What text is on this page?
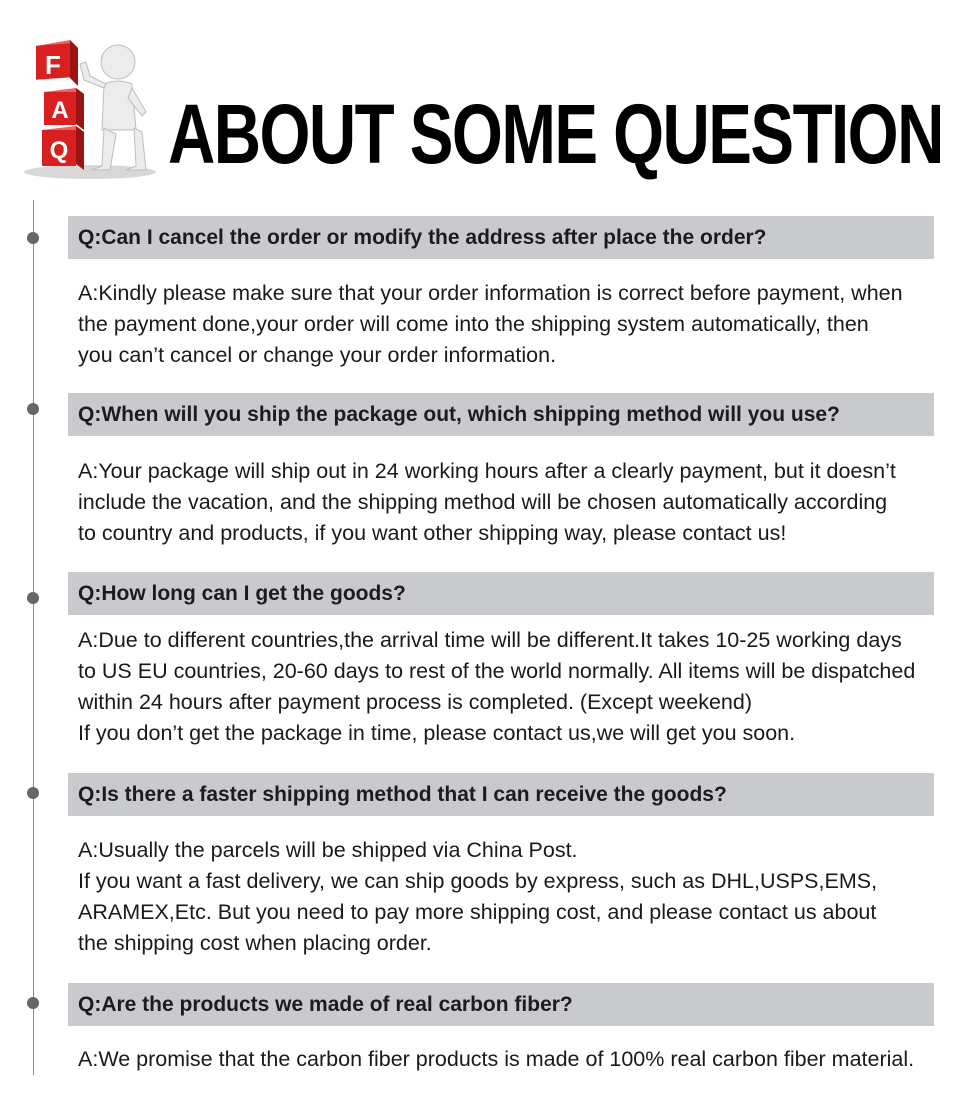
F
A
Q ABOUT SOME QUESTION
Q:Can I cancel the order or modify the address after place the order?

A:Kindly please make sure that your order information is correct before payment, when

the payment done,your order will come into the shipping system automatically, then

you can’t cancel or change your order information.

Q:When will you ship the package out, which shipping method will you use?

A:Your package will ship out in 24 working hours after a clearly payment, but it doesn’t

include the vacation, and the shipping method will be chosen automatically according

to country and products, if you want other shipping way, please contact us!

Q:How long can I get the goods?

A:Due to different countries,the arrival time will be different.It takes 10-25 working days

to US EU countries, 20-60 days to rest of the world normally. All items will be dispatched

within 24 hours after payment process is completed. (Except weekend)

If you don’t get the package in time, please contact us,we will get you soon.

Q:Is there a faster shipping method that I can receive the goods?

A:Usually the parcels will be shipped via China Post.

If you want a fast delivery, we can ship goods by express, such as DHL,USPS,EMS,

ARAMEX,Etc. But you need to pay more shipping cost, and please contact us about

the shipping cost when placing order.

Q:Are the products we made of real carbon fiber?

A:We promise that the carbon fiber products is made of 100% real carbon fiber material.
